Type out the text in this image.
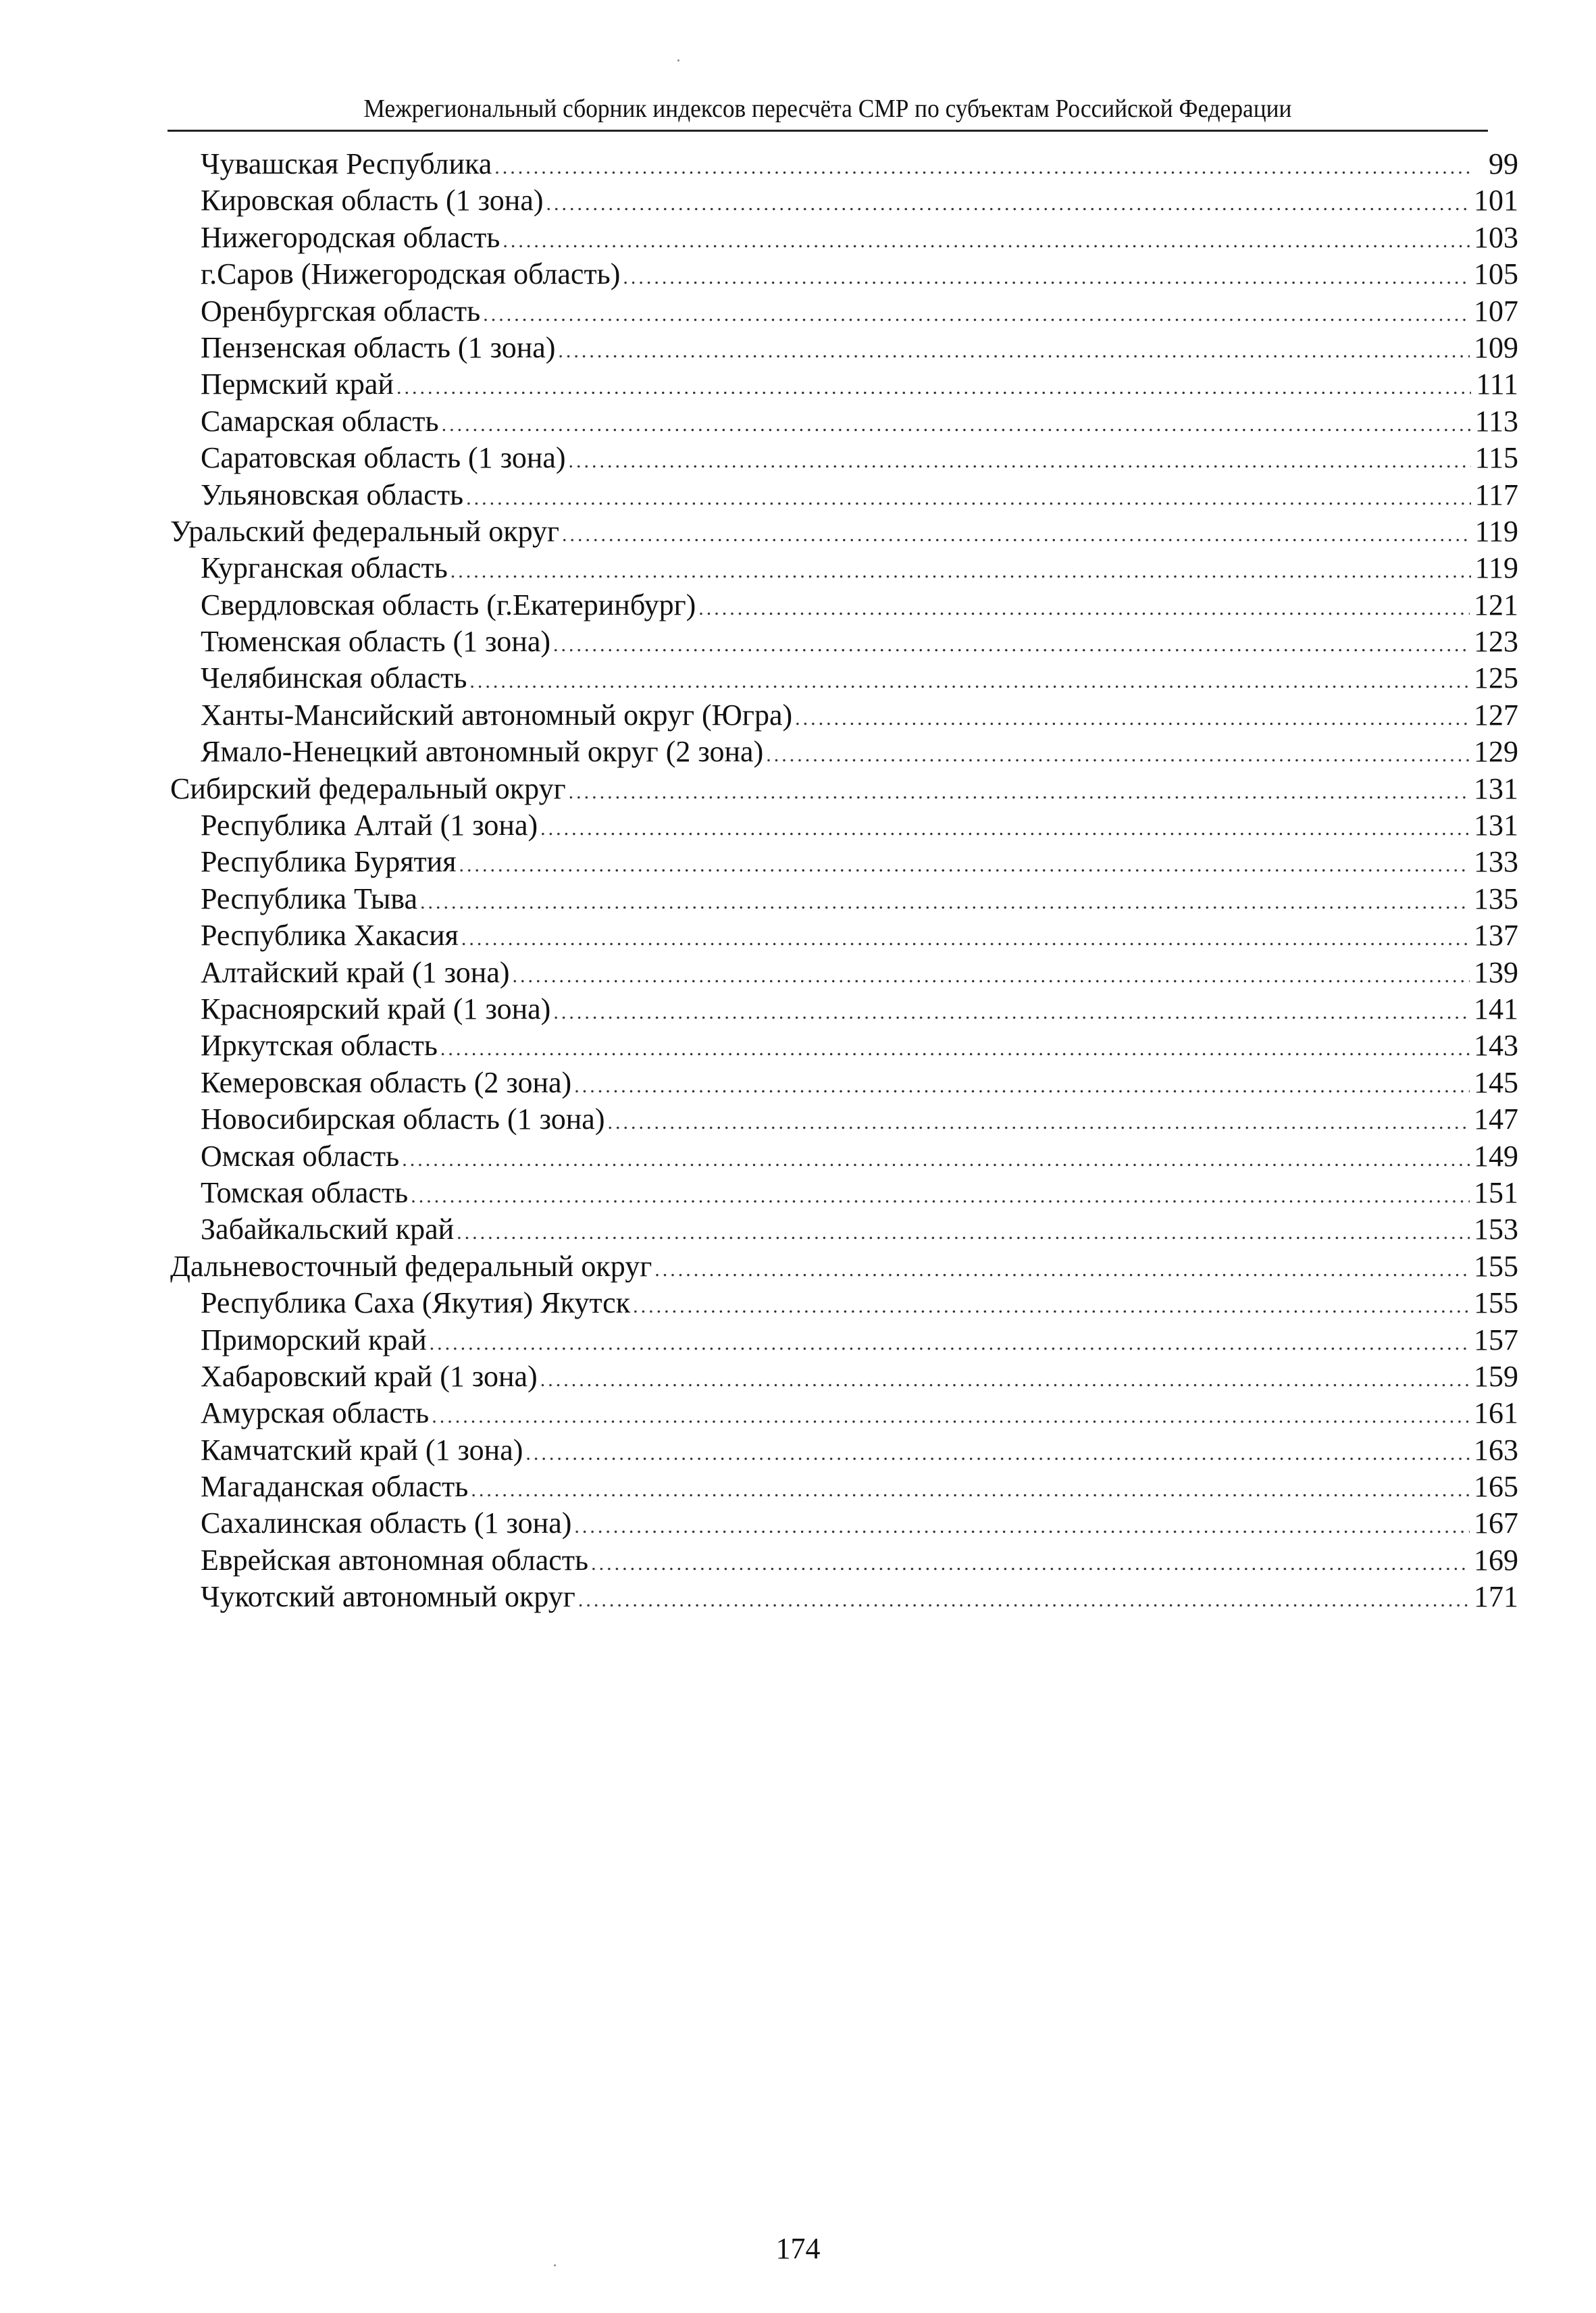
Межрегиональный сборник индексов пересчёта СМР по субъектам Российской Федерации
Чувашская Республика .....	99
Кировская область (1 зона) .....	101
Нижегородская область .....	103
г.Саров (Нижегородская область) .....	105
Оренбургская область .....	107
Пензенская область (1 зона) .....	109
Пермский край .....	111
Самарская область .....	113
Саратовская область (1 зона) .....	115
Ульяновская область .....	117
Уральский федеральный округ .....	119
Курганская область .....	119
Свердловская область (г.Екатеринбург) .....	121
Тюменская область (1 зона) .....	123
Челябинская область .....	125
Ханты-Мансийский автономный округ (Югра) .....	127
Ямало-Ненецкий автономный округ (2 зона) .....	129
Сибирский федеральный округ .....	131
Республика Алтай (1 зона) .....	131
Республика Бурятия .....	133
Республика Тыва .....	135
Республика Хакасия .....	137
Алтайский край (1 зона) .....	139
Красноярский край (1 зона) .....	141
Иркутская область .....	143
Кемеровская область (2 зона) .....	145
Новосибирская область (1 зона) .....	147
Омская область .....	149
Томская область .....	151
Забайкальский край .....	153
Дальневосточный федеральный округ .....	155
Республика Саха (Якутия) Якутск .....	155
Приморский край .....	157
Хабаровский край (1 зона) .....	159
Амурская область .....	161
Камчатский край (1 зона) .....	163
Магаданская область .....	165
Сахалинская область (1 зона) .....	167
Еврейская автономная область .....	169
Чукотский автономный округ .....	171
174
